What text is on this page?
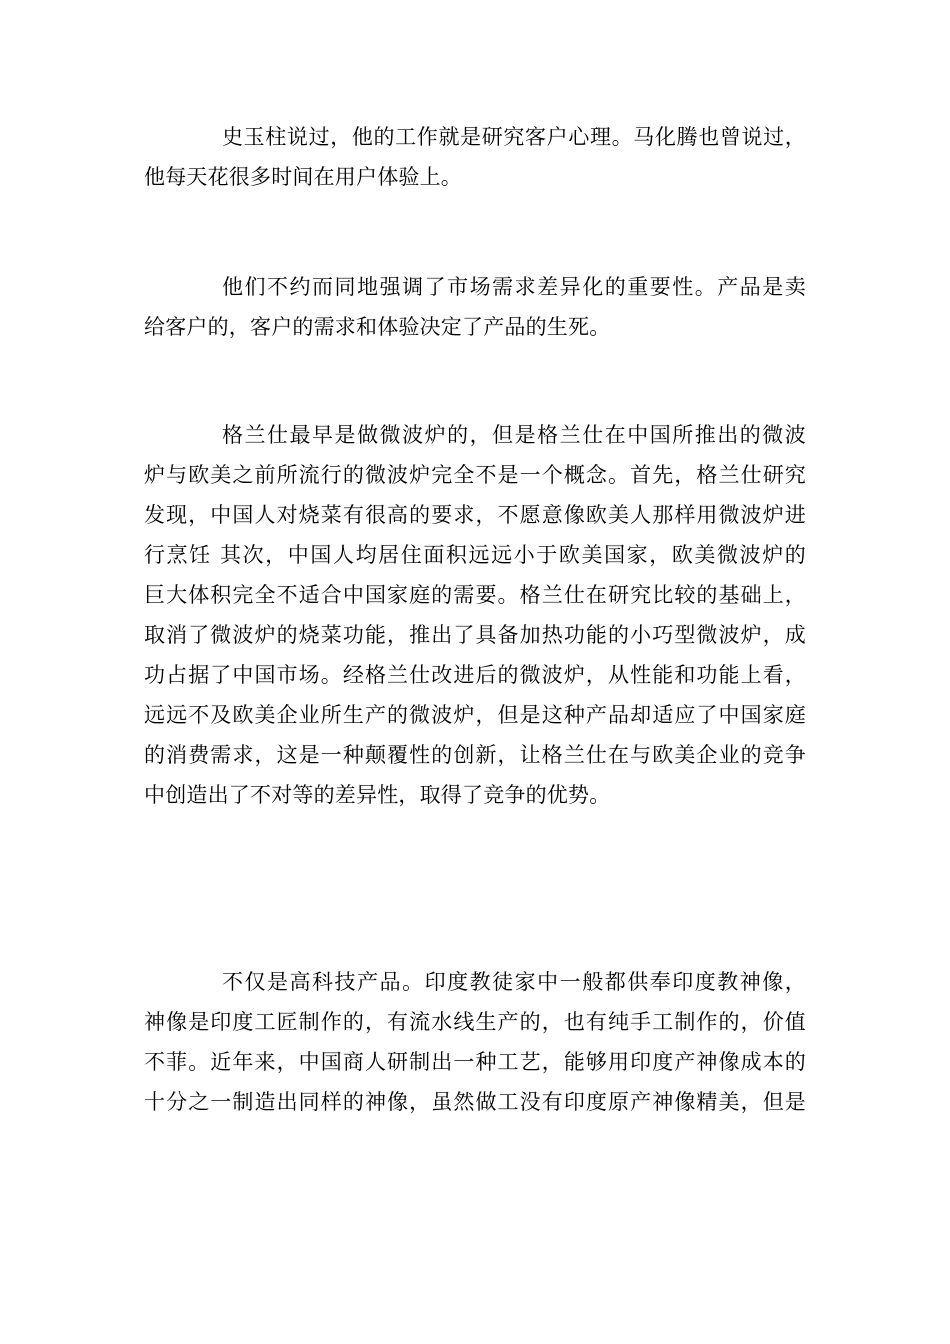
史玉柱说过，他的工作就是研究客户心理。马化腾也曾说过，
他每天花很多时间在用户体验上。
他们不约而同地强调了市场需求差异化的重要性。产品是卖
给客户的，客户的需求和体验决定了产品的生死。
格兰仕最早是做微波炉的，但是格兰仕在中国所推出的微波
炉与欧美之前所流行的微波炉完全不是一个概念。首先，格兰仕研究
发现，中国人对烧菜有很高的要求，不愿意像欧美人那样用微波炉进
行烹饪 其次，中国人均居住面积远远小于欧美国家，欧美微波炉的
巨大体积完全不适合中国家庭的需要。格兰仕在研究比较的基础上，
取消了微波炉的烧菜功能，推出了具备加热功能的小巧型微波炉，成
功占据了中国市场。经格兰仕改进后的微波炉，从性能和功能上看，
远远不及欧美企业所生产的微波炉，但是这种产品却适应了中国家庭
的消费需求，这是一种颠覆性的创新，让格兰仕在与欧美企业的竞争
中创造出了不对等的差异性，取得了竞争的优势。
不仅是高科技产品。印度教徒家中一般都供奉印度教神像，
神像是印度工匠制作的，有流水线生产的，也有纯手工制作的，价值
不菲。近年来，中国商人研制出一种工艺，能够用印度产神像成本的
十分之一制造出同样的神像，虽然做工没有印度原产神像精美，但是
